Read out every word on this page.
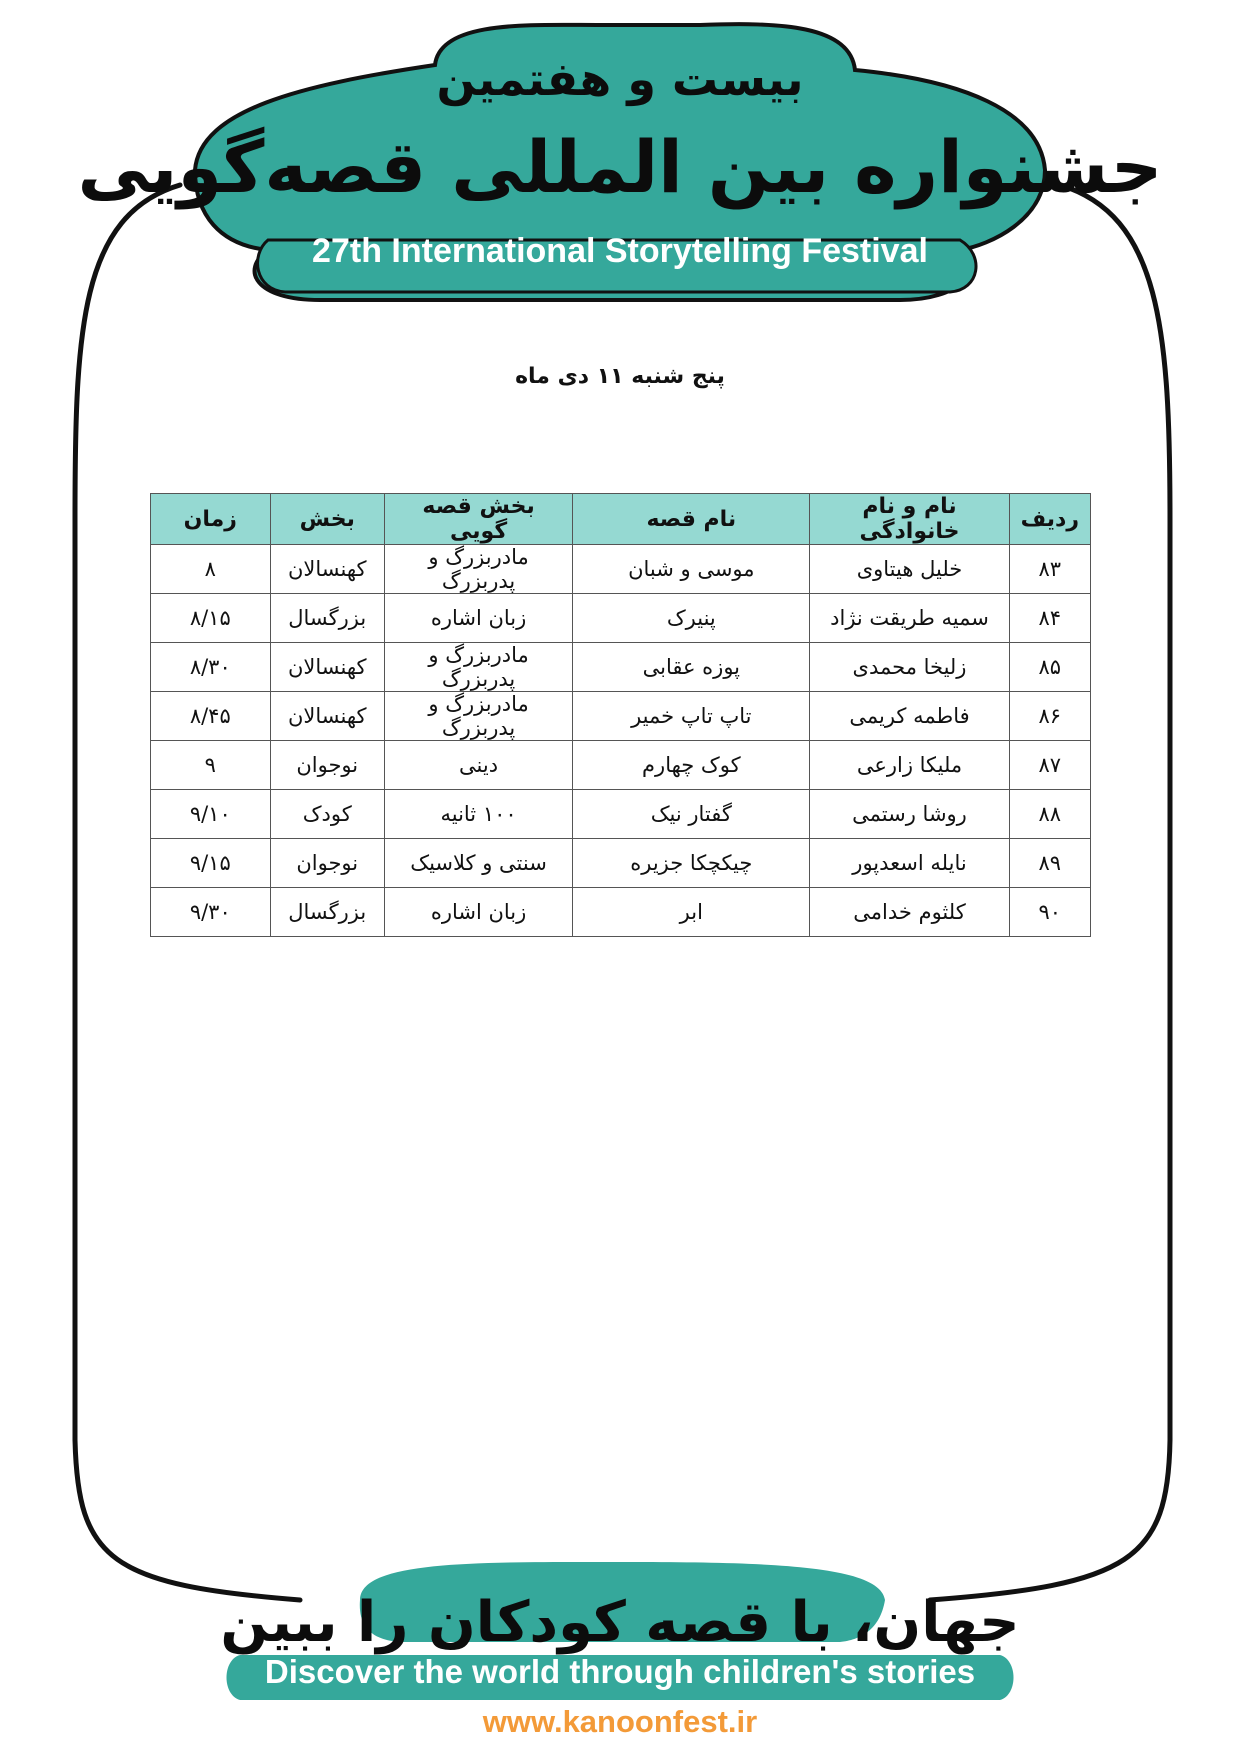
بیست و هفتمین
جشنواره بین المللی قصه‌گویی
27th International Storytelling Festival
پنج شنبه ۱۱ دی ماه
ردیف	نام و نام خانوادگی	نام قصه	بخش قصه گویی	بخش	زمان
۸۳	خلیل هیتاوی	موسی و شبان	مادربزرگ و پدربزرگ	کهنسالان	۸
۸۴	سمیه طریقت نژاد	پنیرک	زبان اشاره	بزرگسال	۸/۱۵
۸۵	زلیخا محمدی	پوزه عقابی	مادربزرگ و پدربزرگ	کهنسالان	۸/۳۰
۸۶	فاطمه کریمی	تاپ تاپ خمیر	مادربزرگ و پدربزرگ	کهنسالان	۸/۴۵
۸۷	ملیکا زارعی	کوک چهارم	دینی	نوجوان	۹
۸۸	روشا رستمی	گفتار نیک	۱۰۰ ثانیه	کودک	۹/۱۰
۸۹	نایله اسعدپور	چیکچکا جزیره	سنتی و کلاسیک	نوجوان	۹/۱۵
۹۰	کلثوم خدامی	ابر	زبان اشاره	بزرگسال	۹/۳۰
جهان، با قصه کودکان را ببین
Discover the world through children's stories
www.kanoonfest.ir
